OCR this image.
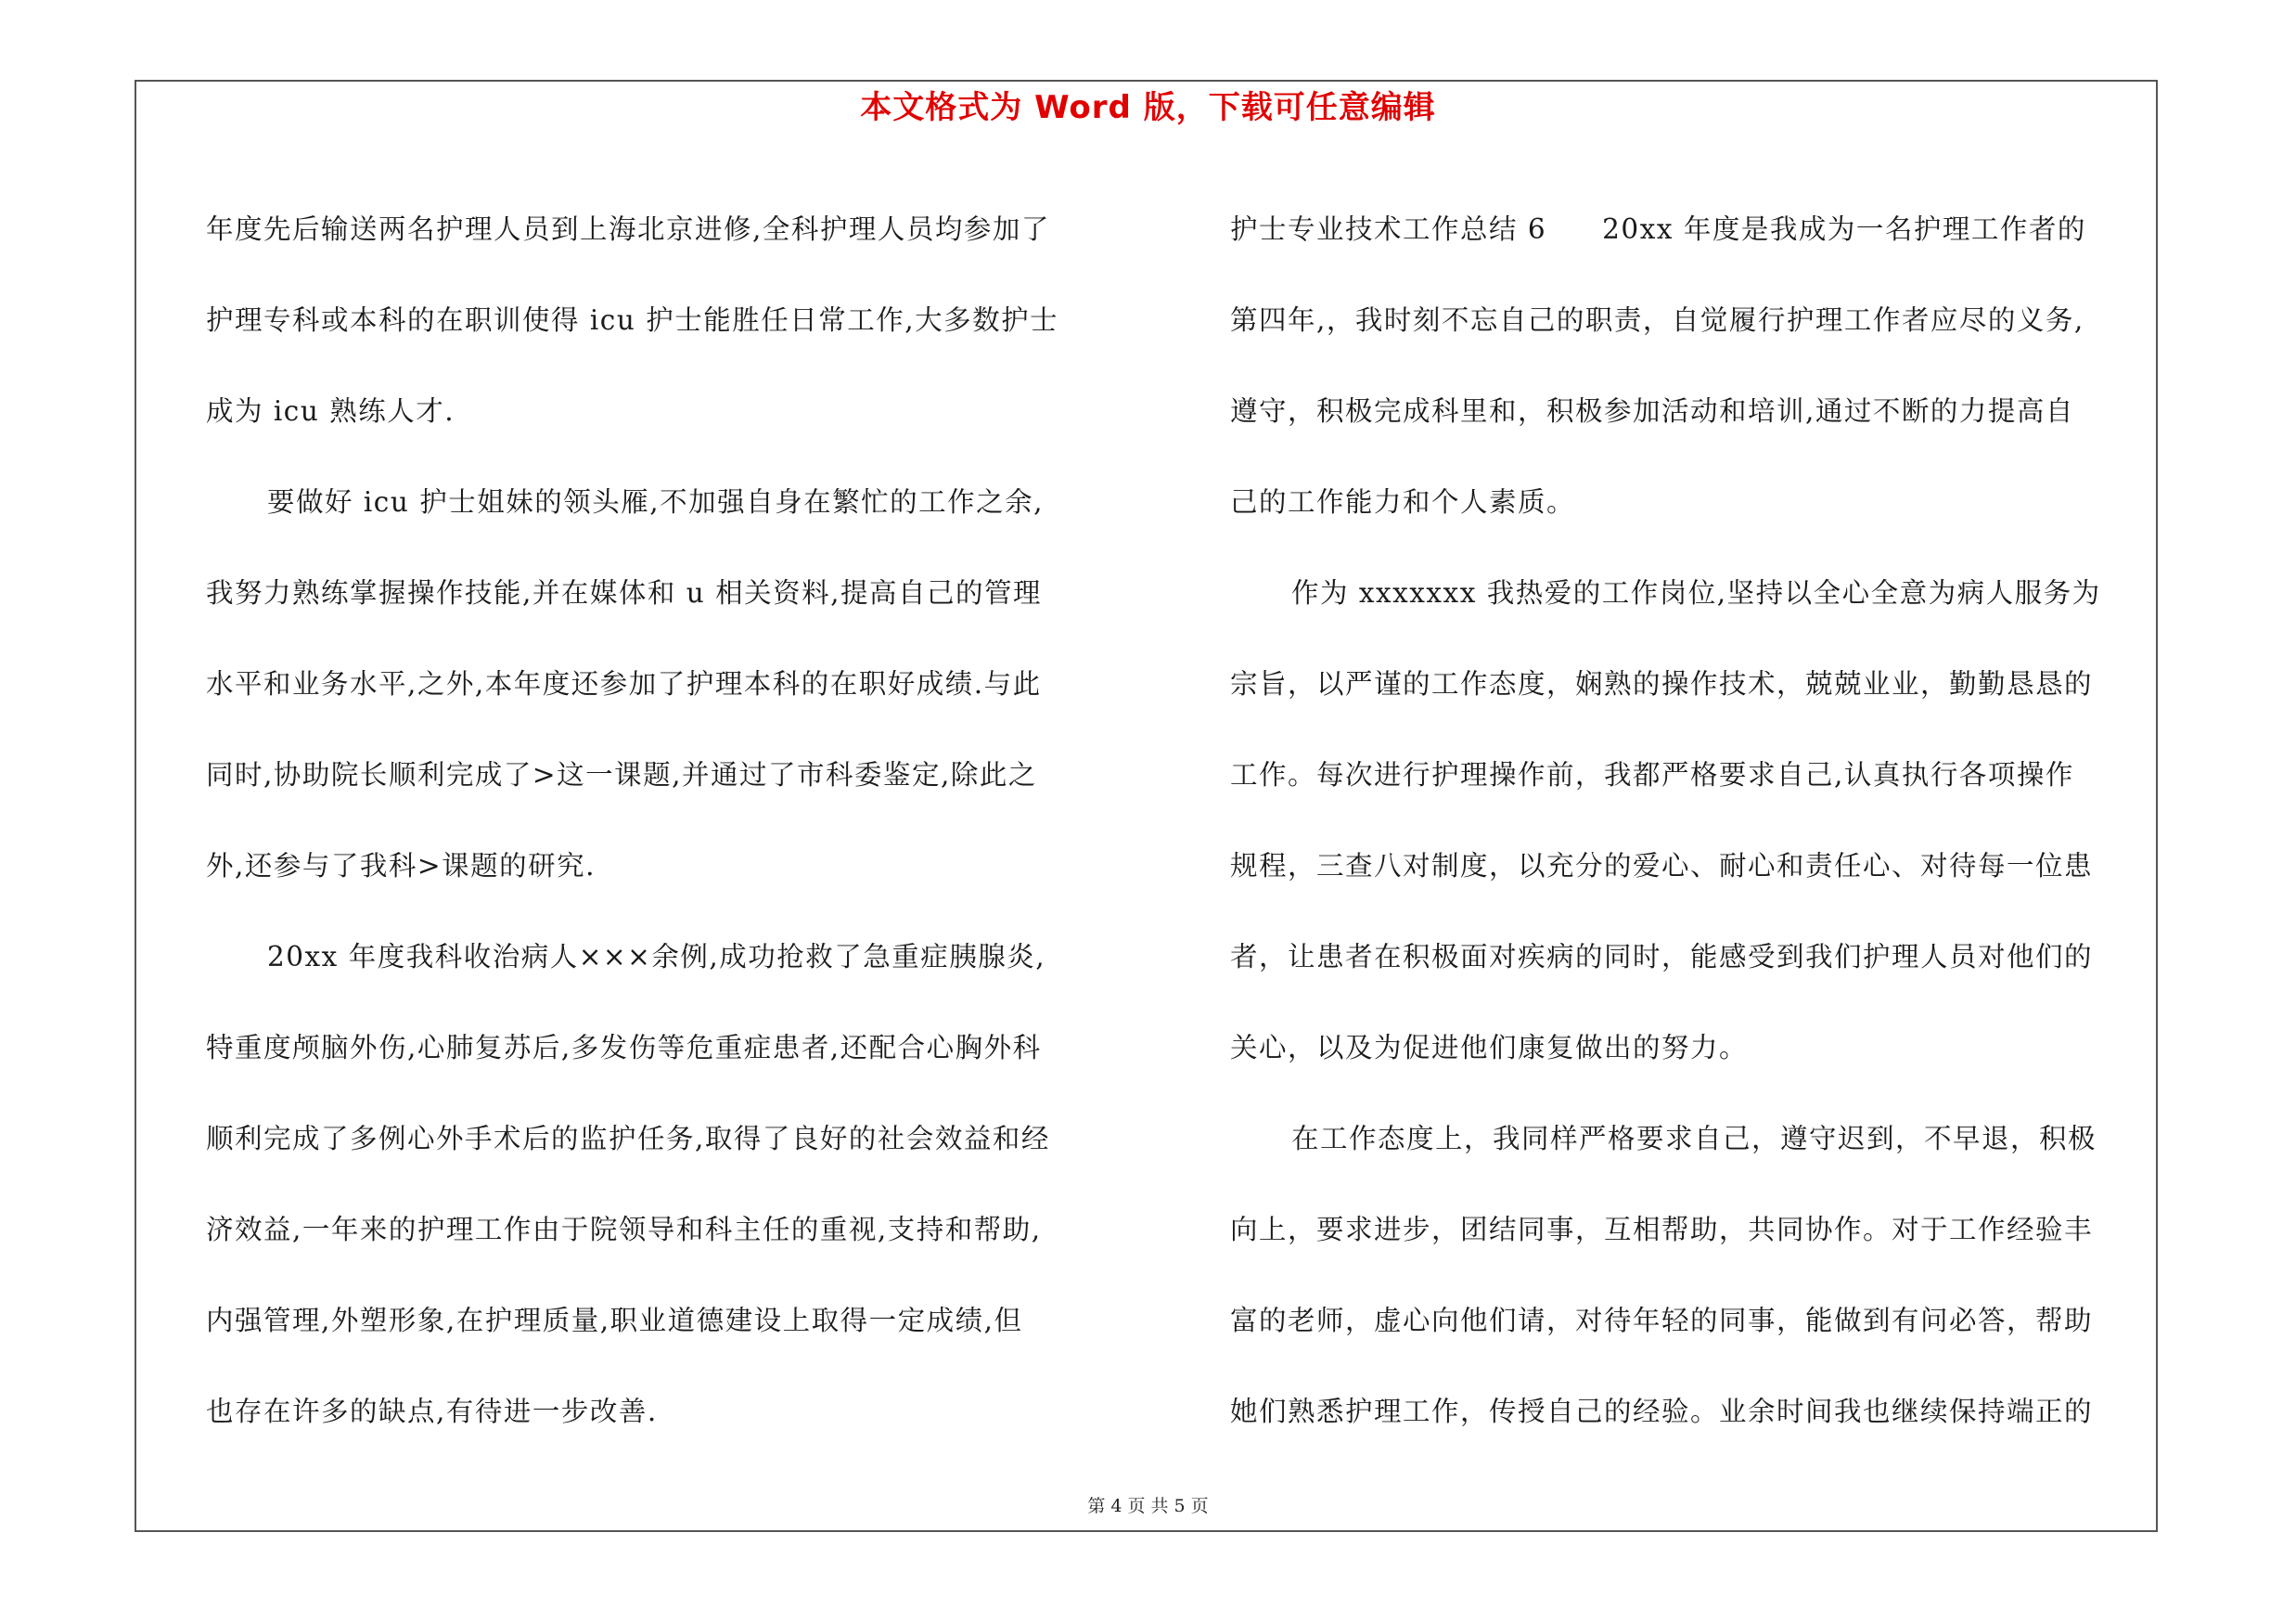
本文格式为 Word 版，下载可任意编辑
年度先后输送两名护理人员到上海北京进修,全科护理人员均参加了
护理专科或本科的在职训使得 icu 护士能胜任日常工作,大多数护士
成为 icu 熟练人才.
要做好 icu 护士姐妹的领头雁,不加强自身在繁忙的工作之余,
我努力熟练掌握操作技能,并在媒体和 u 相关资料,提高自己的管理
水平和业务水平,之外,本年度还参加了护理本科的在职好成绩.与此
同时,协助院长顺利完成了>这一课题,并通过了市科委鉴定,除此之
外,还参与了我科>课题的研究.
20xx 年度我科收治病人×××余例,成功抢救了急重症胰腺炎,
特重度颅脑外伤,心肺复苏后,多发伤等危重症患者,还配合心胸外科
顺利完成了多例心外手术后的监护任务,取得了良好的社会效益和经
济效益,一年来的护理工作由于院领导和科主任的重视,支持和帮助,
内强管理,外塑形象,在护理质量,职业道德建设上取得一定成绩,但
也存在许多的缺点,有待进一步改善.
护士专业技术工作总结 6 20xx 年度是我成为一名护理工作者的
第四年,，我时刻不忘自己的职责，自觉履行护理工作者应尽的义务,
遵守，积极完成科里和，积极参加活动和培训,通过不断的力提高自
己的工作能力和个人素质。
作为 xxxxxxx 我热爱的工作岗位,坚持以全心全意为病人服务为
宗旨，以严谨的工作态度，娴熟的操作技术，兢兢业业，勤勤恳恳的
工作。每次进行护理操作前，我都严格要求自己,认真执行各项操作
规程，三查八对制度，以充分的爱心、耐心和责任心、对待每一位患
者，让患者在积极面对疾病的同时，能感受到我们护理人员对他们的
关心，以及为促进他们康复做出的努力。
在工作态度上，我同样严格要求自己，遵守迟到，不早退，积极
向上，要求进步，团结同事，互相帮助，共同协作。对于工作经验丰
富的老师，虚心向他们请，对待年轻的同事，能做到有问必答，帮助
她们熟悉护理工作，传授自己的经验。业余时间我也继续保持端正的
第 4 页 共 5 页
